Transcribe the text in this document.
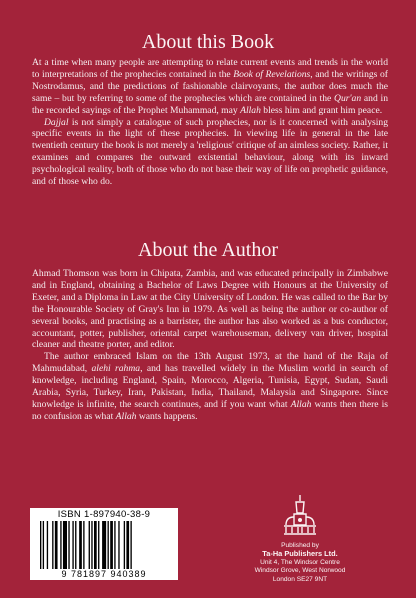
About this Book

At a time when many people are attempting to relate current events and trends in the world to interpretations of the prophecies contained in the Book of Revelations, and the writings of Nostrodamus, and the predictions of fashionable clairvoyants, the author does much the same – but by referring to some of the prophecies which are contained in the Qur'an and in the recorded sayings of the Prophet Muhammad, may Allah bless him and grant him peace.

Dajjal is not simply a catalogue of such prophecies, nor is it concerned with analysing specific events in the light of these prophecies. In viewing life in general in the late twentieth century the book is not merely a 'religious' critique of an aimless society. Rather, it examines and compares the outward existential behaviour, along with its inward psychological reality, both of those who do not base their way of life on prophetic guidance, and of those who do.

About the Author

Ahmad Thomson was born in Chipata, Zambia, and was educated principally in Zimbabwe and in England, obtaining a Bachelor of Laws Degree with Honours at the University of Exeter, and a Diploma in Law at the City University of London. He was called to the Bar by the Honourable Society of Gray's Inn in 1979. As well as being the author or co-author of several books, and practising as a barrister, the author has also worked as a bus conductor, accountant, potter, publisher, oriental carpet warehouseman, delivery van driver, hospital cleaner and theatre porter, and editor.

The author embraced Islam on the 13th August 1973, at the hand of the Raja of Mahmudabad, alehi rahma, and has travelled widely in the Muslim world in search of knowledge, including England, Spain, Morocco, Algeria, Tunisia, Egypt, Sudan, Saudi Arabia, Syria, Turkey, Iran, Pakistan, India, Thailand, Malaysia and Singapore. Since knowledge is infinite, the search continues, and if you want what Allah wants then there is no confusion as what Allah wants happens.

ISBN 1-897940-38-9
9 781897 940389
Published by
Ta-Ha Publishers Ltd.
Unit 4, The Windsor Centre
Windsor Grove, West Norwood
London SE27 9NT
